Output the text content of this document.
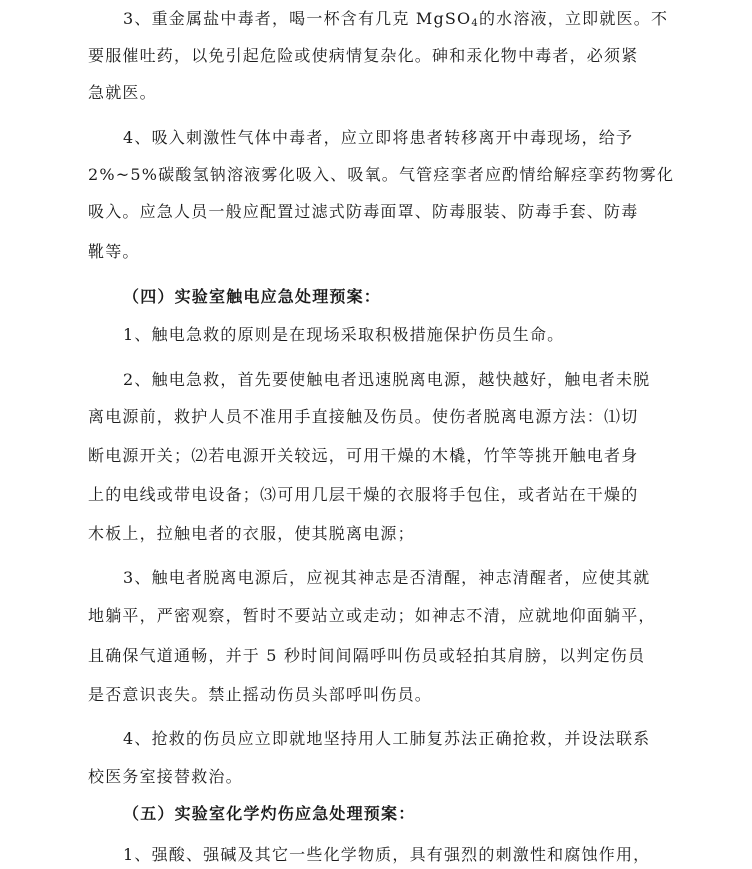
3、重金属盐中毒者，喝一杯含有几克 MgSO$_4$的水溶液，立即就医。不
要服催吐药，以免引起危险或使病情复杂化。砷和汞化物中毒者，必须紧
急就医。
4、吸入刺激性气体中毒者，应立即将患者转移离开中毒现场，给予
2%~5%碳酸氢钠溶液雾化吸入、吸氧。气管痉挛者应酌情给解痉挛药物雾化
吸入。应急人员一般应配置过滤式防毒面罩、防毒服装、防毒手套、防毒
靴等。
（四）实验室触电应急处理预案：
1、触电急救的原则是在现场采取积极措施保护伤员生命。
2、触电急救，首先要使触电者迅速脱离电源，越快越好，触电者未脱
离电源前，救护人员不准用手直接触及伤员。使伤者脱离电源方法：⑴切
断电源开关；⑵若电源开关较远，可用干燥的木橇，竹竿等挑开触电者身
上的电线或带电设备；⑶可用几层干燥的衣服将手包住，或者站在干燥的
木板上，拉触电者的衣服，使其脱离电源；
3、触电者脱离电源后，应视其神志是否清醒，神志清醒者，应使其就
地躺平，严密观察，暂时不要站立或走动；如神志不清，应就地仰面躺平，
且确保气道通畅，并于 5 秒时间间隔呼叫伤员或轻拍其肩膀，以判定伤员
是否意识丧失。禁止摇动伤员头部呼叫伤员。
4、抢救的伤员应立即就地坚持用人工肺复苏法正确抢救，并设法联系
校医务室接替救治。
（五）实验室化学灼伤应急处理预案：
1、强酸、强碱及其它一些化学物质，具有强烈的刺激性和腐蚀作用，
